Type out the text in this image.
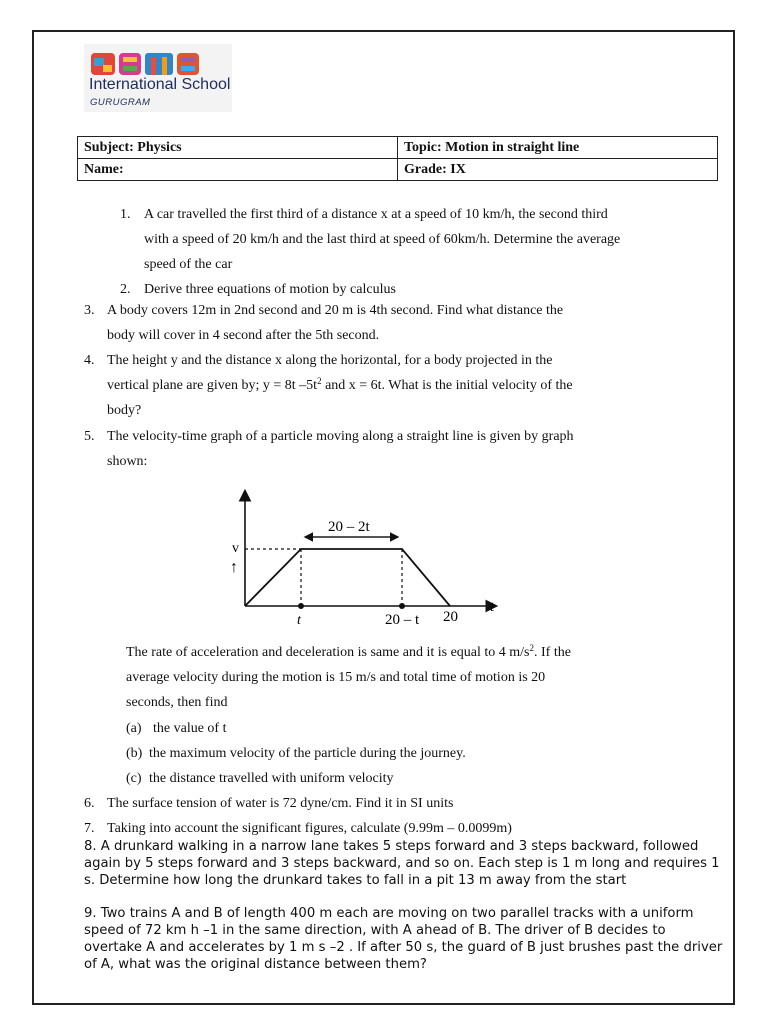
International School
GURUGRAM
Subject: Physics	Topic: Motion in straight line
Name:	Grade: IX
1. A car travelled the first third of a distance x at a speed of 10 km/h, the second third
with a speed of 20 km/h and the last third at speed of 60km/h. Determine the average
speed of the car
2. Derive three equations of motion by calculus
3. A body covers 12m in 2nd second and 20 m is 4th second. Find what distance the
body will cover in 4 second after the 5th second.
4. The height y and the distance x along the horizontal, for a body projected in the
vertical plane are given by; y = 8t $-5t^2$ and x = 6t. What is the initial velocity of the
body?
5. The velocity-time graph of a particle moving along a straight line is given by graph
shown:
20 – 2t
v
↑
t	20 – t 20
t
The rate of acceleration and deceleration is same and it is equal to 4 $m/s^2$. If the
average velocity during the motion is 15 m/s and total time of motion is 20
seconds, then find
(a) the value of t
(b) the maximum velocity of the particle during the journey.
(c) the distance travelled with uniform velocity
6. The surface tension of water is 72 dyne/cm. Find it in SI units
7. Taking into account the significant figures, calculate (9.99m – 0.0099m)
8. A drunkard walking in a narrow lane takes 5 steps forward and 3 steps backward, followed
again by 5 steps forward and 3 steps backward, and so on. Each step is 1 m long and requires 1
s. Determine how long the drunkard takes to fall in a pit 13 m away from the start
9. Two trains A and B of length 400 m each are moving on two parallel tracks with a uniform
speed of 72 km h –1 in the same direction, with A ahead of B. The driver of B decides to
overtake A and accelerates by 1 m s –2 . If after 50 s, the guard of B just brushes past the driver
of A, what was the original distance between them?
